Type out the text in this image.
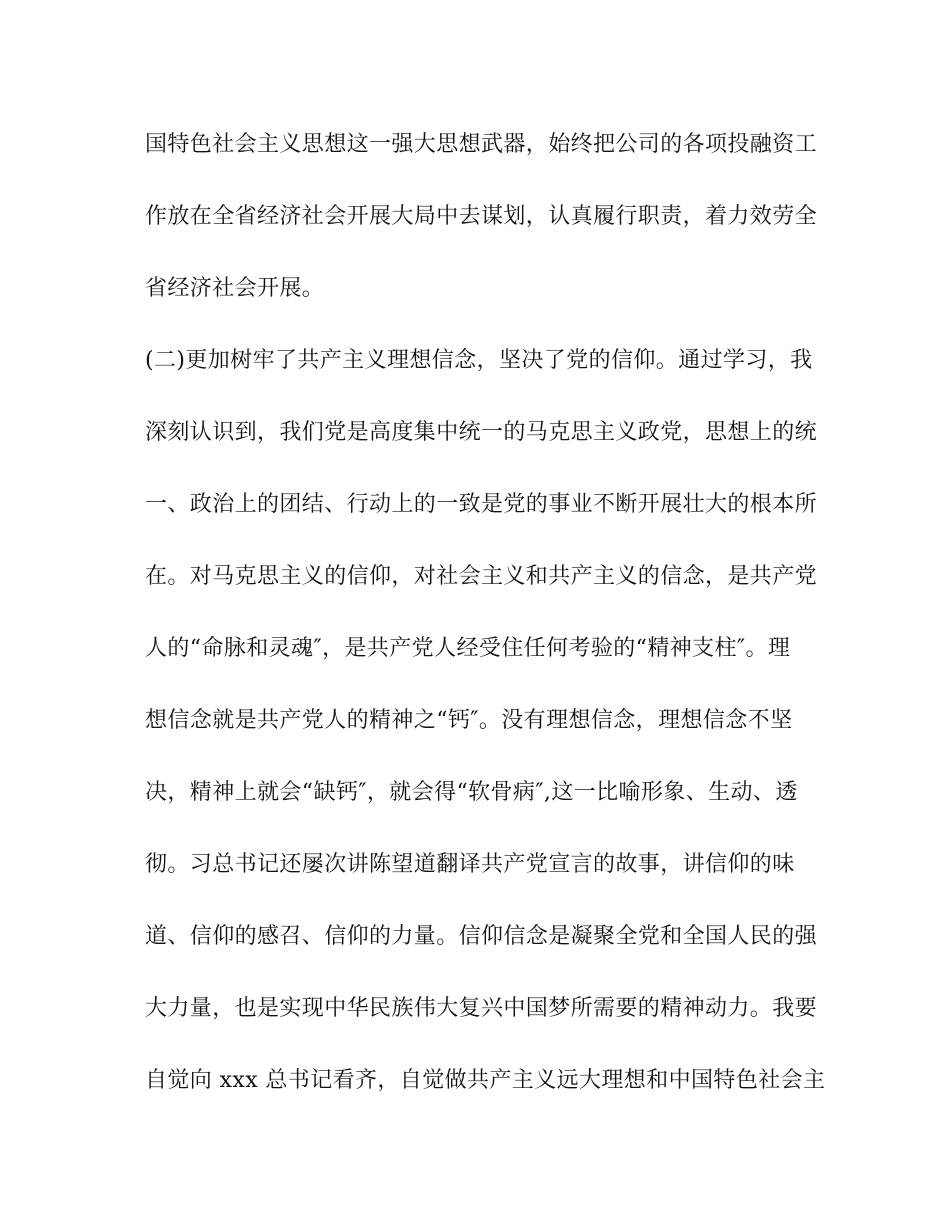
国特色社会主义思想这一强大思想武器，始终把公司的各项投融资工
作放在全省经济社会开展大局中去谋划，认真履行职责，着力效劳全
省经济社会开展。
(二)更加树牢了共产主义理想信念，坚决了党的信仰。通过学习，我
深刻认识到，我们党是高度集中统一的马克思主义政党，思想上的统
一、政治上的团结、行动上的一致是党的事业不断开展壮大的根本所
在。对马克思主义的信仰，对社会主义和共产主义的信念，是共产党
人的“命脉和灵魂″，是共产党人经受住任何考验的“精神支柱″。理
想信念就是共产党人的精神之“钙″。没有理想信念，理想信念不坚
决，精神上就会“缺钙″，就会得“软骨病″,这一比喻形象、生动、透
彻。习总书记还屡次讲陈望道翻译共产党宣言的故事，讲信仰的味
道、信仰的感召、信仰的力量。信仰信念是凝聚全党和全国人民的强
大力量，也是实现中华民族伟大复兴中国梦所需要的精神动力。我要
自觉向 xxx 总书记看齐，自觉做共产主义远大理想和中国特色社会主
